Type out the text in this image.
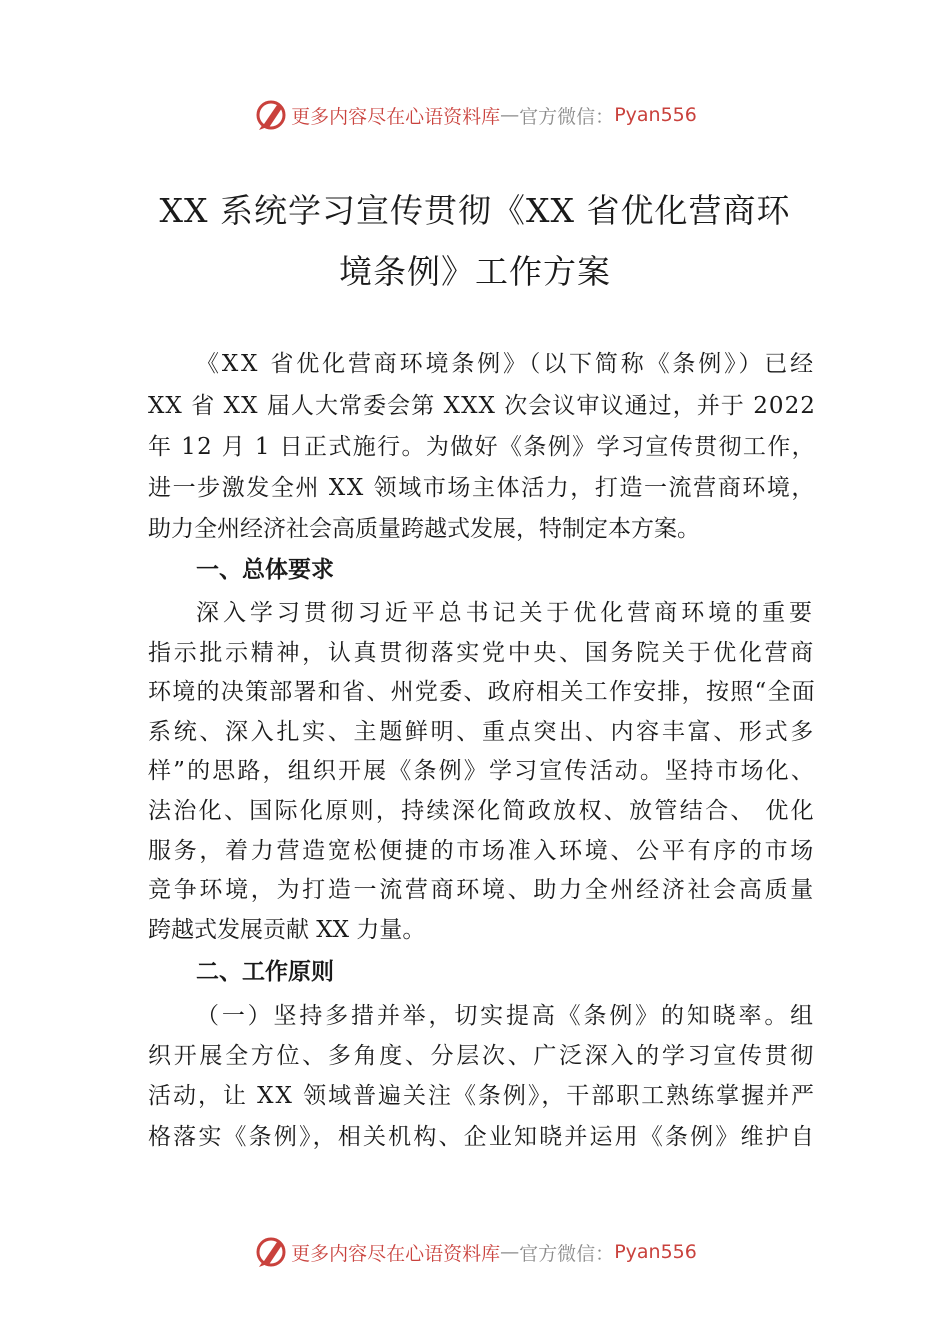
更多内容尽在心语资料库 — 官方微信： Pyan556
XX 系统学习宣传贯彻《XX 省优化营商环
境条例》工作方案
《XX 省优化营商环境条例》（以下简称《条例》）已经
XX 省 XX 届人大常委会第 XXX 次会议审议通过，并于 2022
年 12 月 1 日正式施行。为做好《条例》学习宣传贯彻工作，
进一步激发全州 XX 领域市场主体活力，打造一流营商环境，
助力全州经济社会高质量跨越式发展，特制定本方案。
一、总体要求
深入学习贯彻习近平总书记关于优化营商环境的重要
指示批示精神，认真贯彻落实党中央、国务院关于优化营商
环境的决策部署和省、州党委、政府相关工作安排，按照“全面
系统、深入扎实、主题鲜明、重点突出、内容丰富、形式多
样”的思路，组织开展《条例》学习宣传活动。坚持市场化、
法治化、国际化原则，持续深化简政放权、放管结合、 优化
服务，着力营造宽松便捷的市场准入环境、公平有序的市场
竞争环境，为打造一流营商环境、助力全州经济社会高质量
跨越式发展贡献 XX 力量。
二、工作原则
（一）坚持多措并举，切实提高《条例》的知晓率。组
织开展全方位、多角度、分层次、广泛深入的学习宣传贯彻
活动，让 XX 领域普遍关注《条例》，干部职工熟练掌握并严
格落实《条例》，相关机构、企业知晓并运用《条例》维护自
更多内容尽在心语资料库 — 官方微信： Pyan556
